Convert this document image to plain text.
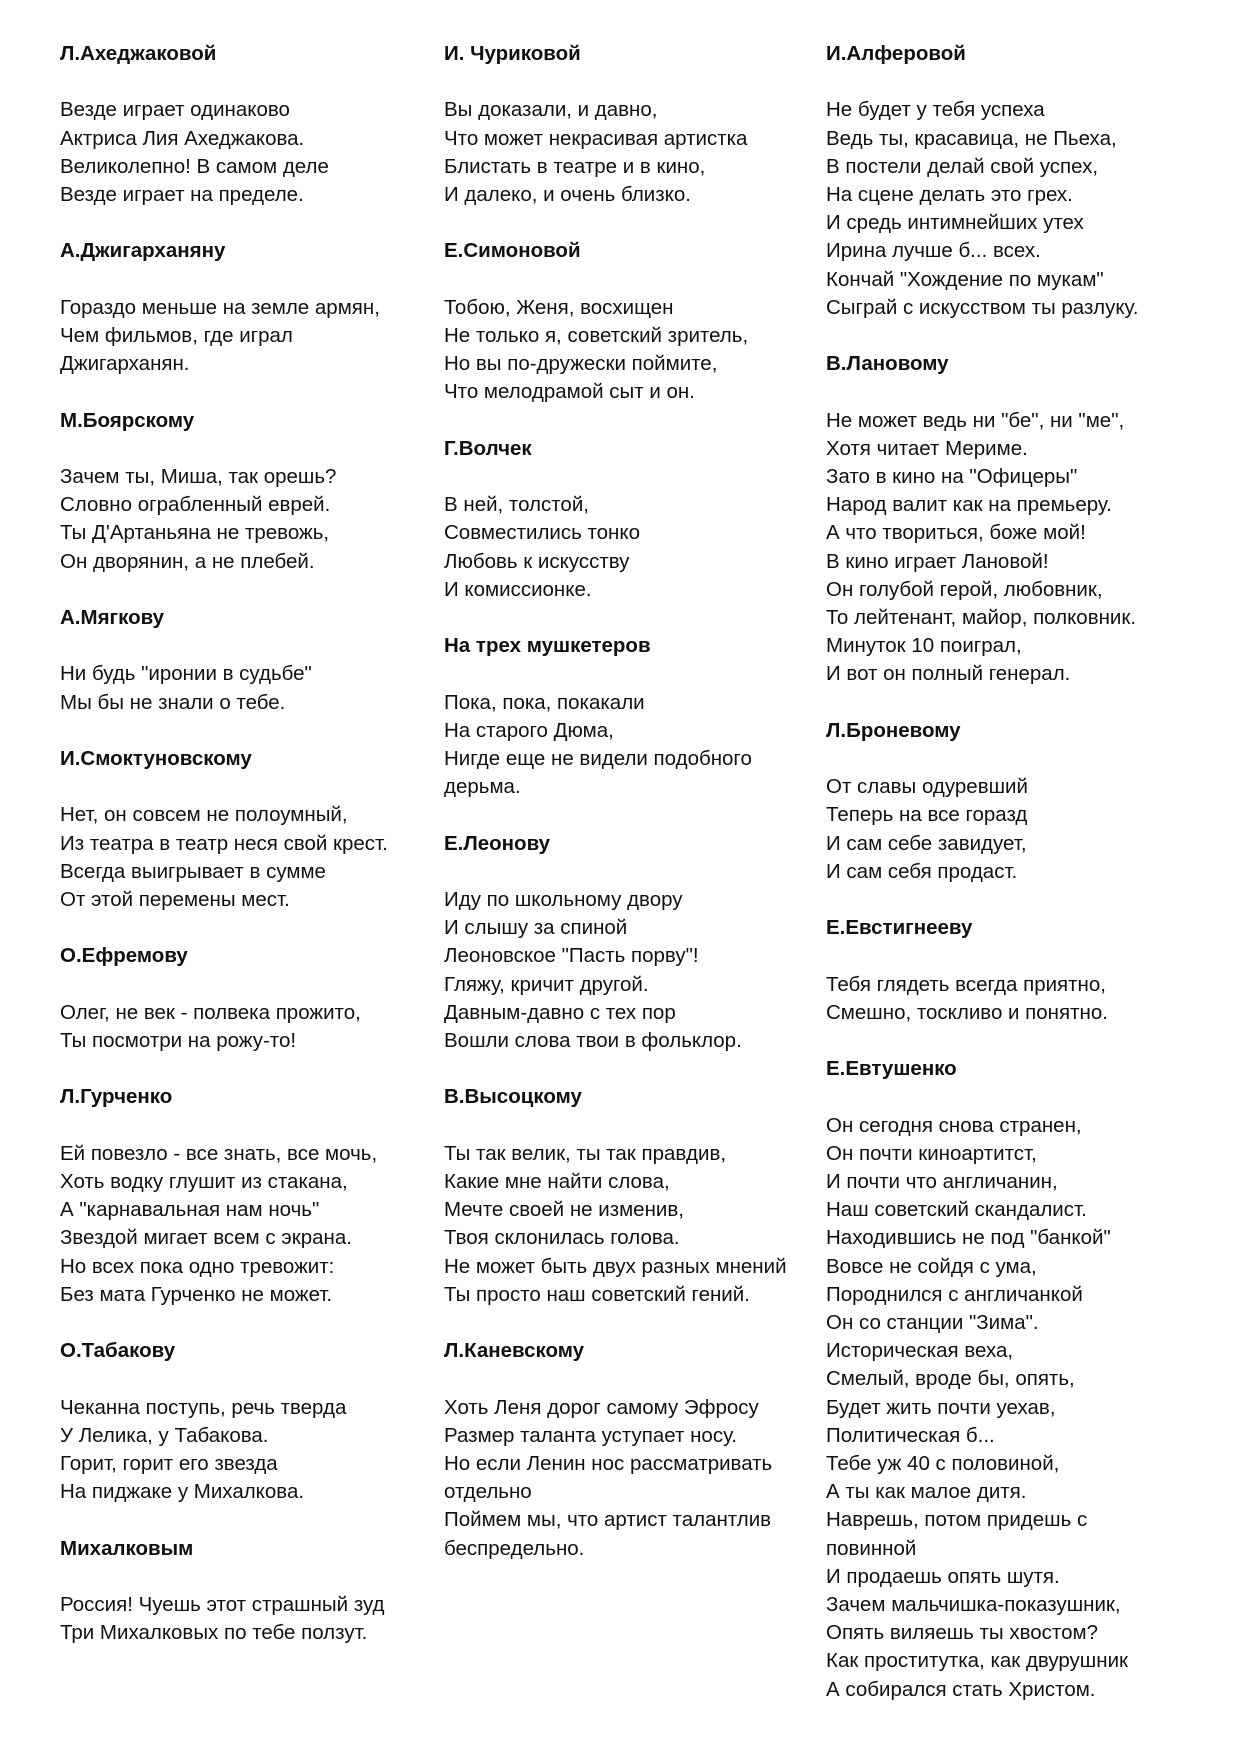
Л.Ахеджаковой
Везде играет одинаково
Актриса Лия Ахеджакова.
Великолепно! В самом деле
Везде играет на пределе.
А.Джигарханяну
Гораздо меньше на земле армян,
Чем фильмов, где играл
Джигарханян.
М.Боярскому
Зачем ты, Миша, так орешь?
Словно ограбленный еврей.
Ты Д'Артаньяна не тревожь,
Он дворянин, а не плебей.
А.Мягкову
Ни будь "иронии в судьбе"
Мы бы не знали о тебе.
И.Смоктуновскому
Нет, он совсем не полоумный,
Из театра в театр неся свой крест.
Всегда выигрывает в сумме
От этой перемены мест.
О.Ефремову
Олег, не век - полвека прожито,
Ты посмотри на рожу-то!
Л.Гурченко
Ей повезло - все знать, все мочь,
Хоть водку глушит из стакана,
А "карнавальная нам ночь"
Звездой мигает всем с экрана.
Но всех пока одно тревожит:
Без мата Гурченко не может.
О.Табакову
Чеканна поступь, речь тверда
У Лелика, у Табакова.
Горит, горит его звезда
На пиджаке у Михалкова.
Михалковым
Россия! Чуешь этот страшный зуд
Три Михалковых по тебе ползут.
И. Чуриковой
Вы доказали, и давно,
Что может некрасивая артистка
Блистать в театре и в кино,
И далеко, и очень близко.
Е.Симоновой
Тобою, Женя, восхищен
Не только я, советский зритель,
Но вы по-дружески поймите,
Что мелодрамой сыт и он.
Г.Волчек
В ней, толстой,
Совместились тонко
Любовь к искусству
И комиссионке.
На трех мушкетеров
Пока, пока, покакали
На старого Дюма,
Нигде еще не видели подобного
дерьма.
Е.Леонову
Иду по школьному двору
И слышу за спиной
Леоновское "Пасть порву"!
Гляжу, кричит другой.
Давным-давно с тех пор
Вошли слова твои в фольклор.
В.Высоцкому
Ты так велик, ты так правдив,
Какие мне найти слова,
Мечте своей не изменив,
Твоя склонилась голова.
Не может быть двух разных мнений
Ты просто наш советский гений.
Л.Каневскому
Хоть Леня дорог самому Эфросу
Размер таланта уступает носу.
Но если Ленин нос рассматривать
отдельно
Поймем мы, что артист талантлив
беспредельно.
И.Алферовой
Не будет у тебя успеха
Ведь ты, красавица, не Пьеха,
В постели делай свой успех,
На сцене делать это грех.
И средь интимнейших утех
Ирина лучше б... всех.
Кончай "Хождение по мукам"
Сыграй с искусством ты разлуку.
В.Лановому
Не может ведь ни "бе", ни "ме",
Хотя читает Мериме.
Зато в кино на "Офицеры"
Народ валит как на премьеру.
А что твориться, боже мой!
В кино играет Лановой!
Он голубой герой, любовник,
То лейтенант, майор, полковник.
Минуток 10 поиграл,
И вот он полный генерал.
Л.Броневому
От славы одуревший
Теперь на все горазд
И сам себе завидует,
И сам себя продаст.
Е.Евстигнееву
Тебя глядеть всегда приятно,
Смешно, тоскливо и понятно.
Е.Евтушенко
Он сегодня снова странен,
Он почти киноартитст,
И почти что англичанин,
Наш советский скандалист.
Находившись не под "банкой"
Вовсе не сойдя с ума,
Породнился с англичанкой
Он со станции "Зима".
Историческая веха,
Смелый, вроде бы, опять,
Будет жить почти уехав,
Политическая б...
Тебе уж 40 с половиной,
А ты как малое дитя.
Наврешь, потом придешь с
повинной
И продаешь опять шутя.
Зачем мальчишка-показушник,
Опять виляешь ты хвостом?
Как проститутка, как двурушник
А собирался стать Христом.
